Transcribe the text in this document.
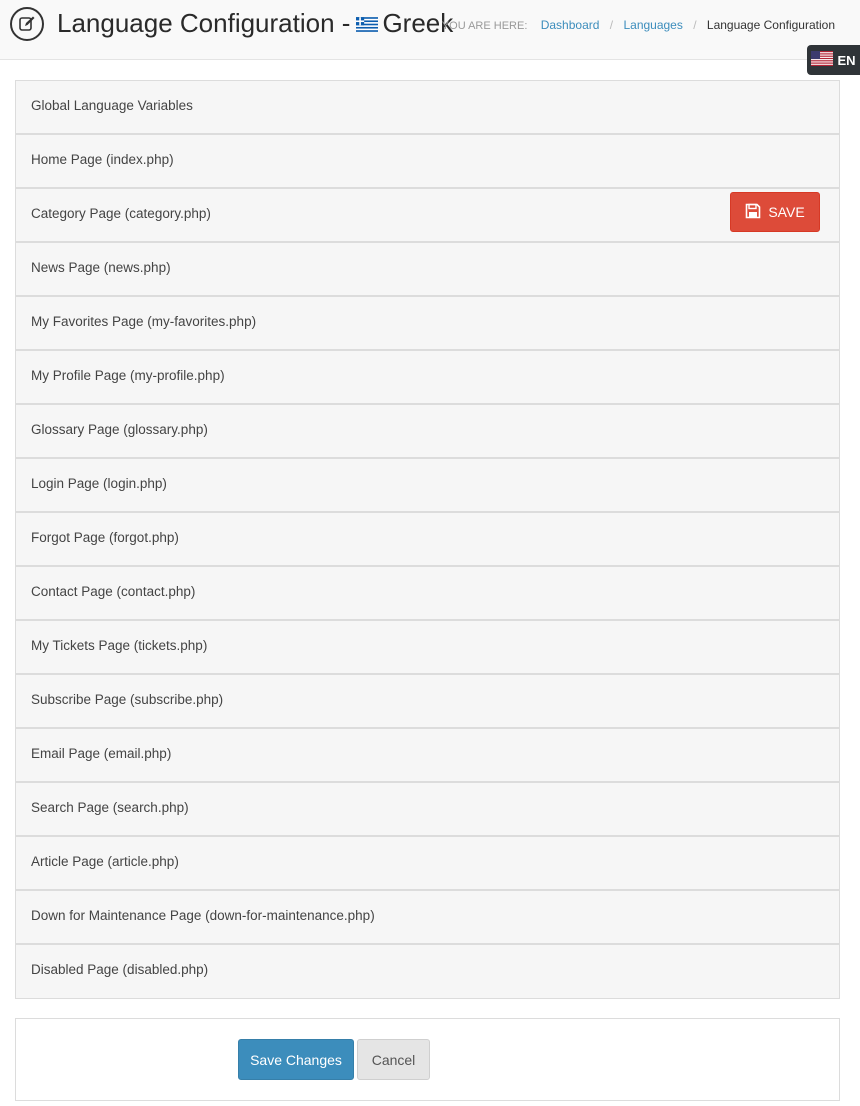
Language Configuration - Greek
YOU ARE HERE: Dashboard / Languages / Language Configuration
EN
Global Language Variables
Home Page (index.php)
Category Page (category.php)
News Page (news.php)
My Favorites Page (my-favorites.php)
My Profile Page (my-profile.php)
Glossary Page (glossary.php)
Login Page (login.php)
Forgot Page (forgot.php)
Contact Page (contact.php)
My Tickets Page (tickets.php)
Subscribe Page (subscribe.php)
Email Page (email.php)
Search Page (search.php)
Article Page (article.php)
Down for Maintenance Page (down-for-maintenance.php)
Disabled Page (disabled.php)
SAVE
Save Changes	Cancel
